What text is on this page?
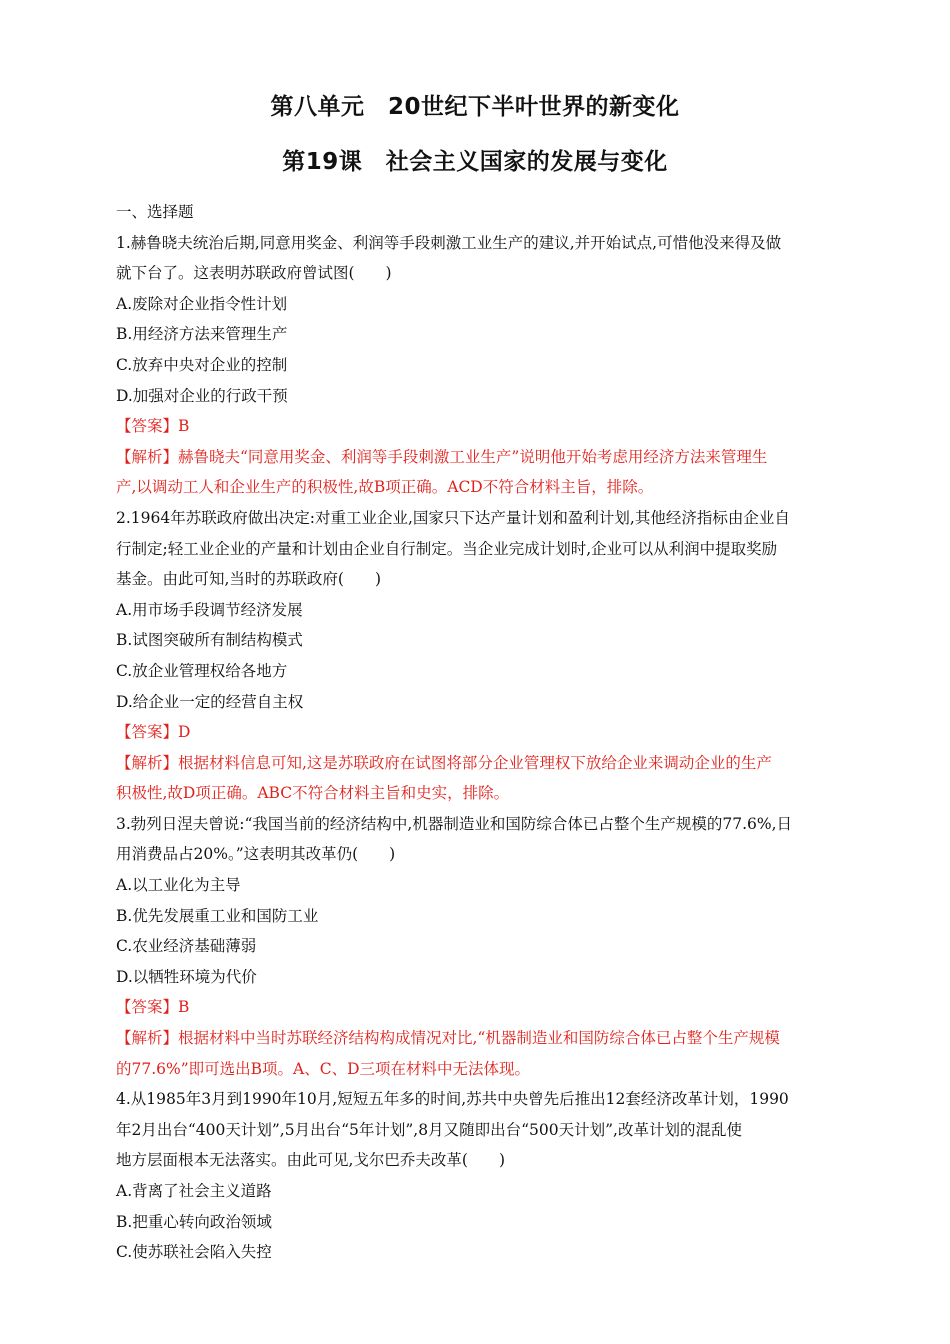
第八单元　20世纪下半叶世界的新变化
第19课　社会主义国家的发展与变化
一、选择题
1.赫鲁晓夫统治后期,同意用奖金、利润等手段刺激工业生产的建议,并开始试点,可惜他没来得及做
就下台了。这表明苏联政府曾试图(　　)
A.废除对企业指令性计划
B.用经济方法来管理生产
C.放弃中央对企业的控制
D.加强对企业的行政干预
【答案】B
【解析】赫鲁晓夫“同意用奖金、利润等手段刺激工业生产”说明他开始考虑用经济方法来管理生
产,以调动工人和企业生产的积极性,故B项正确。ACD不符合材料主旨，排除。
2.1964年苏联政府做出决定:对重工业企业,国家只下达产量计划和盈利计划,其他经济指标由企业自
行制定;轻工业企业的产量和计划由企业自行制定。当企业完成计划时,企业可以从利润中提取奖励
基金。由此可知,当时的苏联政府(　　)
A.用市场手段调节经济发展
B.试图突破所有制结构模式
C.放企业管理权给各地方
D.给企业一定的经营自主权
【答案】D
【解析】根据材料信息可知,这是苏联政府在试图将部分企业管理权下放给企业来调动企业的生产
积极性,故D项正确。ABC不符合材料主旨和史实，排除。
3.勃列日涅夫曾说:“我国当前的经济结构中,机器制造业和国防综合体已占整个生产规模的77.6%,日
用消费品占20%。”这表明其改革仍(　　)
A.以工业化为主导
B.优先发展重工业和国防工业
C.农业经济基础薄弱
D.以牺牲环境为代价
【答案】B
【解析】根据材料中当时苏联经济结构构成情况对比,“机器制造业和国防综合体已占整个生产规模
的77.6%”即可选出B项。A、C、D三项在材料中无法体现。
4.从1985年3月到1990年10月,短短五年多的时间,苏共中央曾先后推出12套经济改革计划，1990
年2月出台“400天计划”,5月出台“5年计划”,8月又随即出台“500天计划”,改革计划的混乱使
地方层面根本无法落实。由此可见,戈尔巴乔夫改革(　　)
A.背离了社会主义道路
B.把重心转向政治领域
C.使苏联社会陷入失控
